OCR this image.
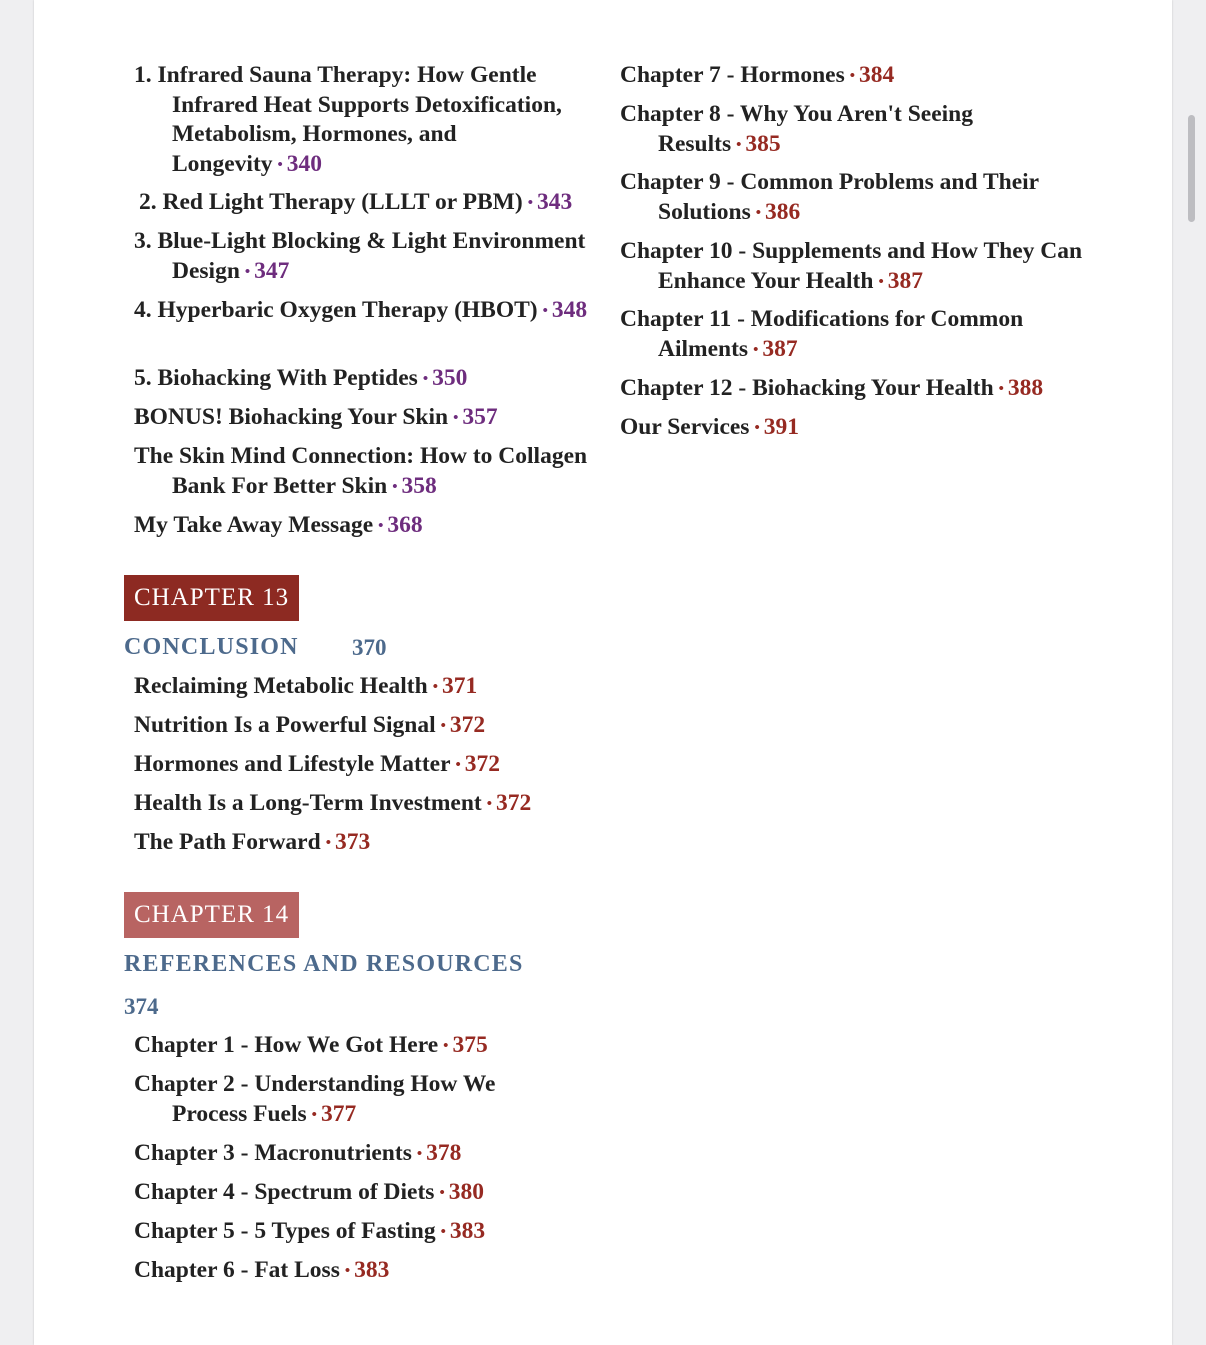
1. Infrared Sauna Therapy: How Gentle Infrared Heat Supports Detoxification, Metabolism, Hormones, and Longevity • 340
2. Red Light Therapy (LLLT or PBM) • 343
3. Blue-Light Blocking & Light Environment Design • 347
4. Hyperbaric Oxygen Therapy (HBOT) • 348
5. Biohacking With Peptides • 350
BONUS! Biohacking Your Skin • 357
The Skin Mind Connection: How to Collagen Bank For Better Skin • 358
My Take Away Message • 368
CHAPTER 13
CONCLUSION 370
Reclaiming Metabolic Health • 371
Nutrition Is a Powerful Signal • 372
Hormones and Lifestyle Matter • 372
Health Is a Long-Term Investment • 372
The Path Forward • 373
CHAPTER 14
REFERENCES AND RESOURCES
374
Chapter 1 - How We Got Here • 375
Chapter 2 - Understanding How We Process Fuels • 377
Chapter 3 - Macronutrients • 378
Chapter 4 - Spectrum of Diets • 380
Chapter 5 - 5 Types of Fasting • 383
Chapter 6 - Fat Loss • 383
Chapter 7 - Hormones • 384
Chapter 8 - Why You Aren't Seeing Results • 385
Chapter 9 - Common Problems and Their Solutions • 386
Chapter 10 - Supplements and How They Can Enhance Your Health • 387
Chapter 11 - Modifications for Common Ailments • 387
Chapter 12 - Biohacking Your Health • 388
Our Services • 391
